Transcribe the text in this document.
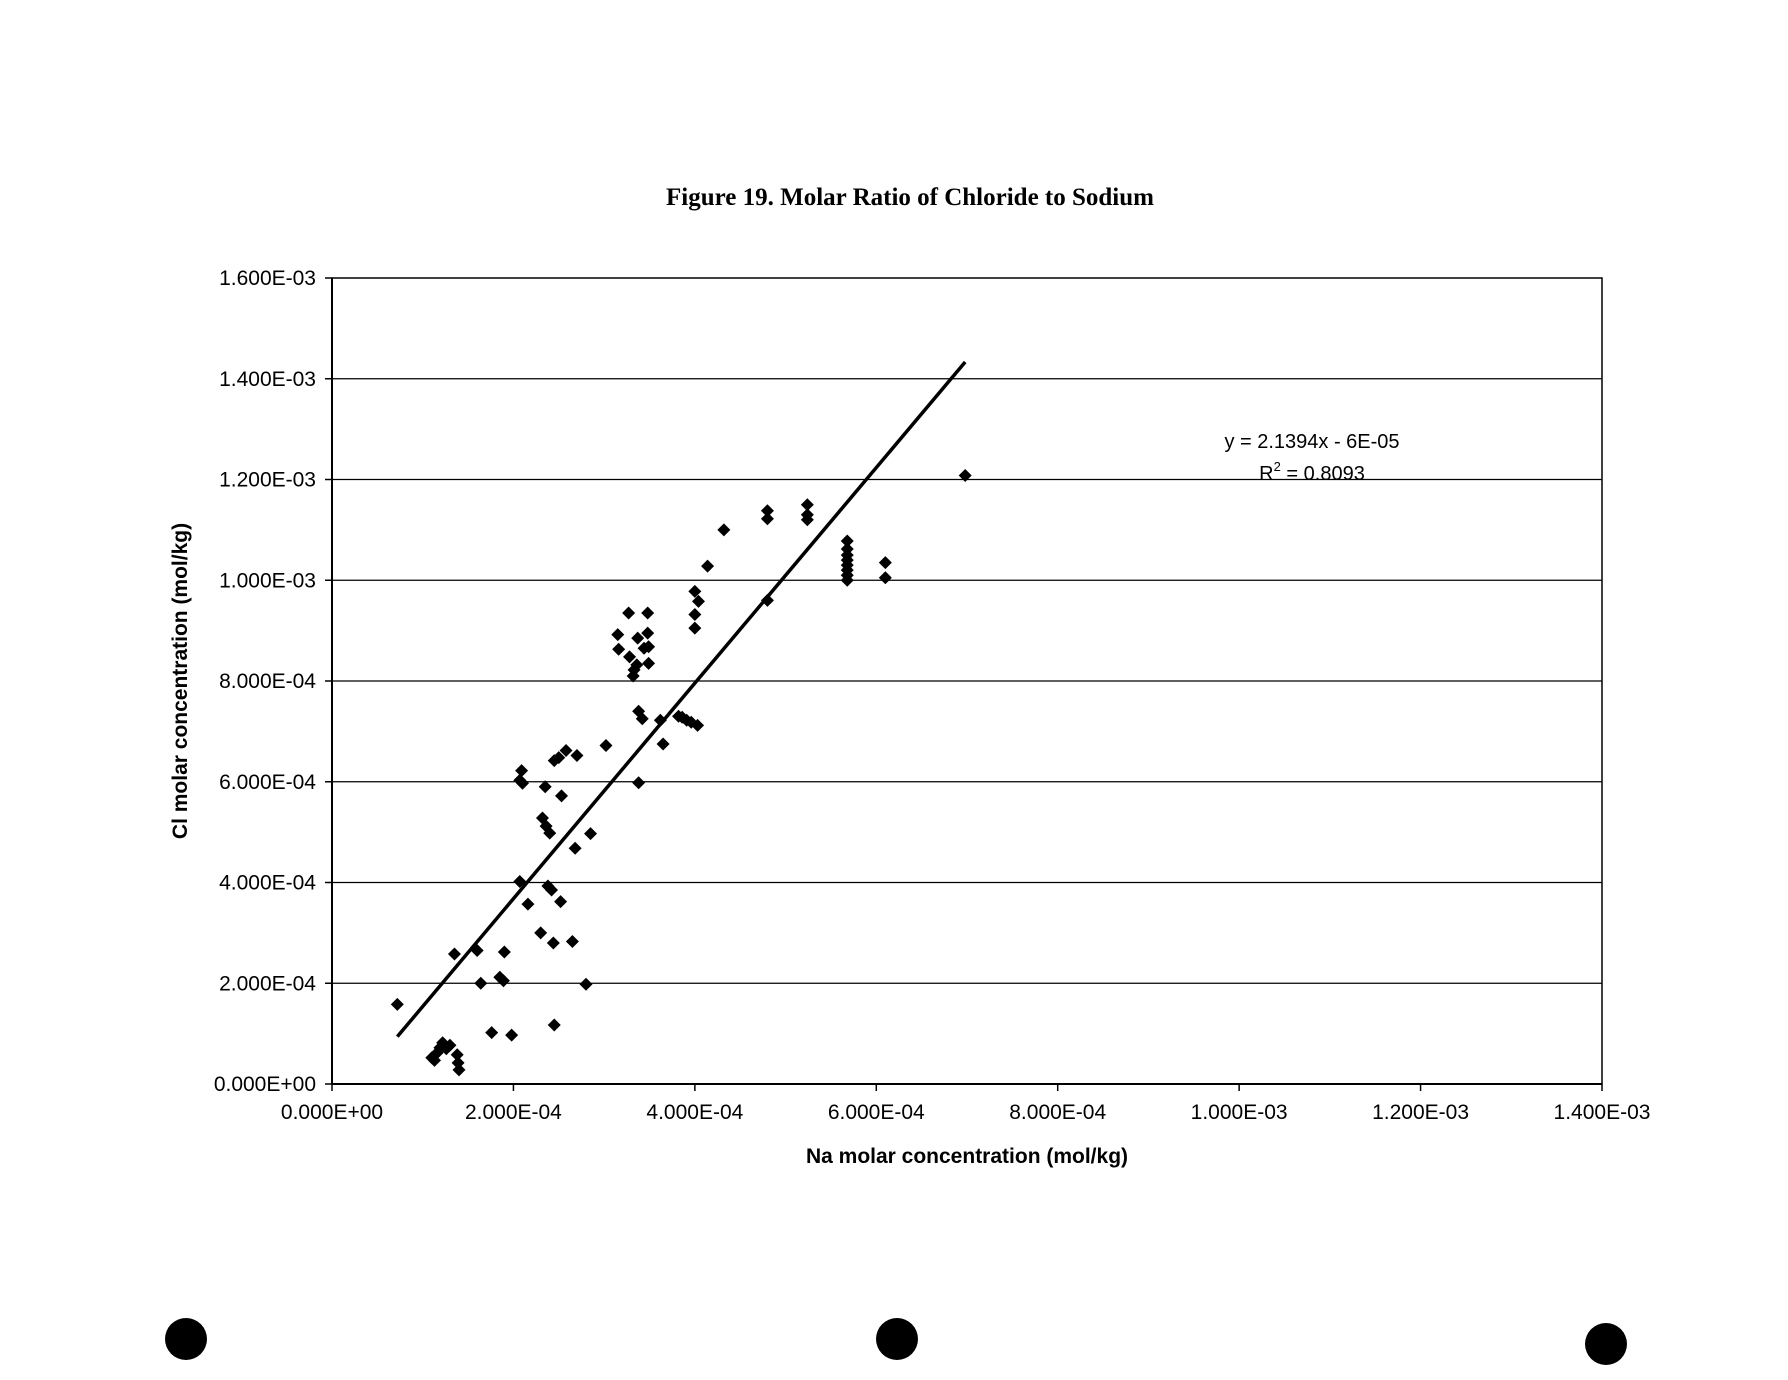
Figure 19. Molar Ratio of Chloride to Sodium
0.000E+00
2.000E-04
4.000E-04
6.000E-04
8.000E-04
1.000E-03
1.200E-03
1.400E-03
1.600E-03
0.000E+00	2.000E-04	4.000E-04	6.000E-04	8.000E-04	1.000E-03	1.200E-03	1.400E-03
y = 2.1394x - 6E-05
$R^2 = 0.8093$
Na molar concentration (mol/kg)
Cl molar concentration (mol/kg)
